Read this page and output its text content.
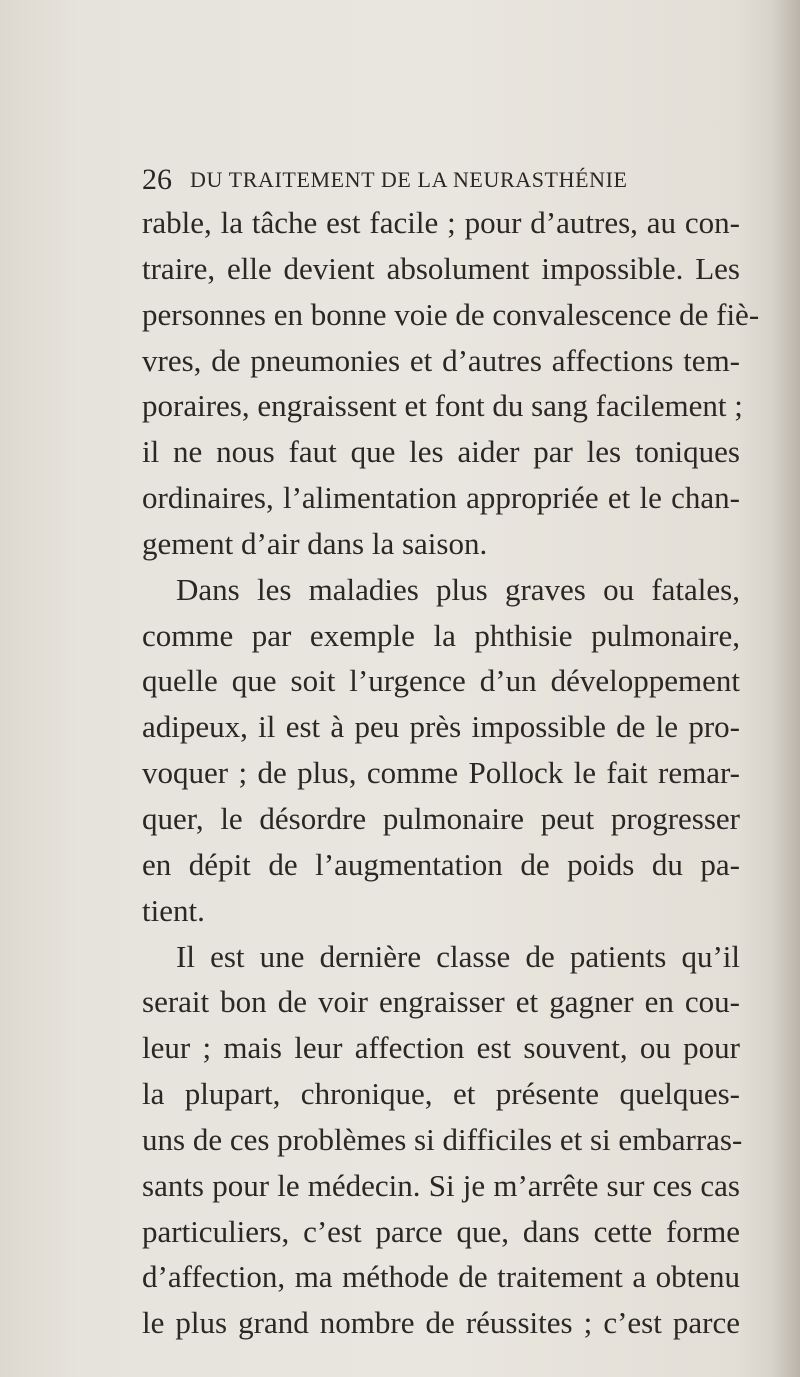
26 DU TRAITEMENT DE LA NEURASTHÉNIE
rable, la tâche est facile ; pour d’autres, au con-
traire, elle devient absolument impossible. Les
personnes en bonne voie de convalescence de fiè-
vres, de pneumonies et d’autres affections tem-
poraires, engraissent et font du sang facilement ;
il ne nous faut que les aider par les toniques
ordinaires, l’alimentation appropriée et le chan-
gement d’air dans la saison.
Dans les maladies plus graves ou fatales,
comme par exemple la phthisie pulmonaire,
quelle que soit l’urgence d’un développement
adipeux, il est à peu près impossible de le pro-
voquer ; de plus, comme Pollock le fait remar-
quer, le désordre pulmonaire peut progresser
en dépit de l’augmentation de poids du pa-
tient.
Il est une dernière classe de patients qu’il
serait bon de voir engraisser et gagner en cou-
leur ; mais leur affection est souvent, ou pour
la plupart, chronique, et présente quelques-
uns de ces problèmes si difficiles et si embarras-
sants pour le médecin. Si je m’arrête sur ces cas
particuliers, c’est parce que, dans cette forme
d’affection, ma méthode de traitement a obtenu
le plus grand nombre de réussites ; c’est parce
